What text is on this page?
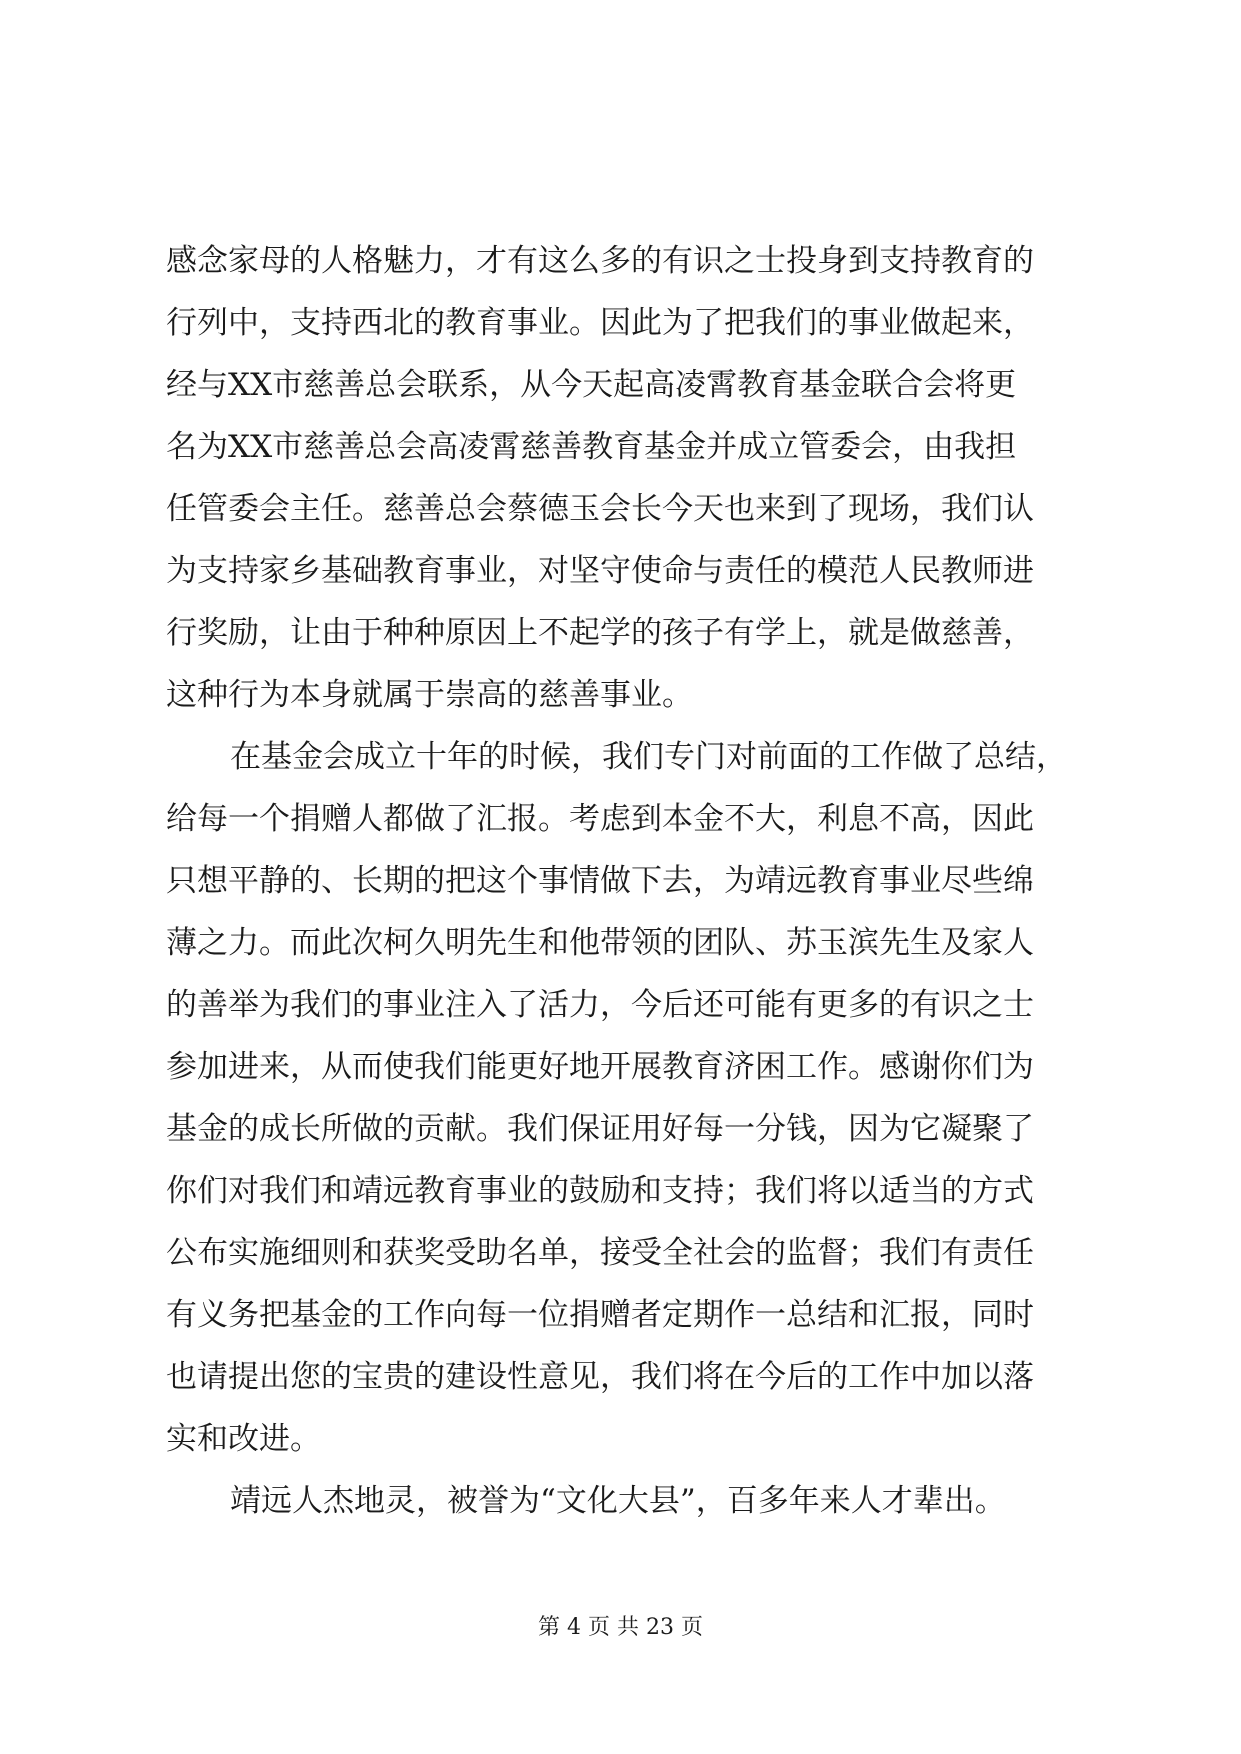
感念家母的人格魅力，才有这么多的有识之士投身到支持教育的
行列中，支持西北的教育事业。因此为了把我们的事业做起来，
经与XX市慈善总会联系，从今天起高凌霄教育基金联合会将更
名为XX市慈善总会高凌霄慈善教育基金并成立管委会，由我担
任管委会主任。慈善总会蔡德玉会长今天也来到了现场，我们认
为支持家乡基础教育事业，对坚守使命与责任的模范人民教师进
行奖励，让由于种种原因上不起学的孩子有学上，就是做慈善，
这种行为本身就属于崇高的慈善事业。
在基金会成立十年的时候，我们专门对前面的工作做了总结，
给每一个捐赠人都做了汇报。考虑到本金不大，利息不高，因此
只想平静的、长期的把这个事情做下去，为靖远教育事业尽些绵
薄之力。而此次柯久明先生和他带领的团队、苏玉滨先生及家人
的善举为我们的事业注入了活力，今后还可能有更多的有识之士
参加进来，从而使我们能更好地开展教育济困工作。感谢你们为
基金的成长所做的贡献。我们保证用好每一分钱，因为它凝聚了
你们对我们和靖远教育事业的鼓励和支持；我们将以适当的方式
公布实施细则和获奖受助名单，接受全社会的监督；我们有责任
有义务把基金的工作向每一位捐赠者定期作一总结和汇报，同时
也请提出您的宝贵的建设性意见，我们将在今后的工作中加以落
实和改进。
靖远人杰地灵，被誉为“文化大县”，百多年来人才辈出。
第 4 页 共 23 页
